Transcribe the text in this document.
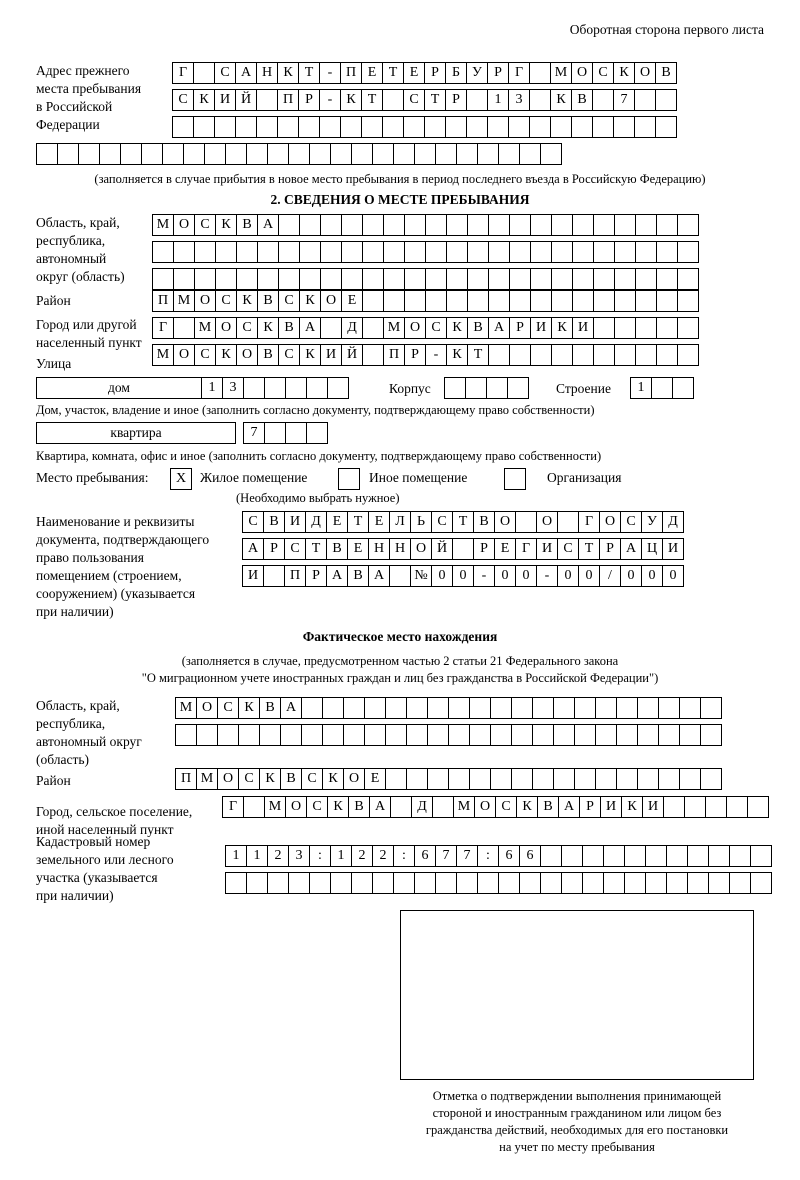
Оборотная сторона первого листа
Адрес прежнего
места пребывания
в Российской
Федерации
Г	С А Н К Т	- П Е Т Е Р Б У Р Г	М О С К О В
С К И Й	П Р	-	К Т	С Т Р	1	3	К В	7
(заполняется в случае прибытия в новое место пребывания в период последнего въезда в Российскую Федерацию)
2. СВЕДЕНИЯ О МЕСТЕ ПРЕБЫВАНИЯ
Область, край,
республика,
автономный
округ (область)
М О С К В А
Район	П М О С К В С К О Е
Город или другой
населенный пункт
Г	М О С К В А	Д	М О С К В А Р И К И
Улица
М О С К О В С К И Й	П Р	-	К Т
дом	1	3	Корпус	Строение	1
Дом, участок, владение и иное (заполнить согласно документу, подтверждающему право собственности)
квартира	7
Квартира, комната, офис и иное (заполнить согласно документу, подтверждающему право собственности)
Место пребывания:	X	Жилое помещение	Иное помещение	Организация
(Необходимо выбрать нужное)
Наименование и реквизиты
документа, подтверждающего
право пользования
помещением (строением,
сооружением) (указывается
при наличии)
С В И Д Е Т Е Л Ь С Т В О	О	Г О С У Д
А Р С Т В Е Н Н О Й	Р Е Г И С Т Р А Ц И
И	П Р А В А	№ 0	0	-	0	0	-	0	0	/	0	0	0
Фактическое место нахождения
(заполняется в случае, предусмотренном частью 2 статьи 21 Федерального закона
"О миграционном учете иностранных граждан и лиц без гражданства в Российской Федерации")
Область, край,
республика,
автономный округ
(область)
М О С К В А
Район	П М О С К В С К О Е
Город, сельское поселение,
иной населенный пункт
Г	М О С К В А	Д	М О С К В А Р И К И
Кадастровый номер
земельного или лесного
участка (указывается
при наличии)
1	1	2	3	:	1	2	2	:	6	7	7	:	6	6
Отметка о подтверждении выполнения принимающей
стороной и иностранным гражданином или лицом без
гражданства действий, необходимых для его постановки
на учет по месту пребывания
